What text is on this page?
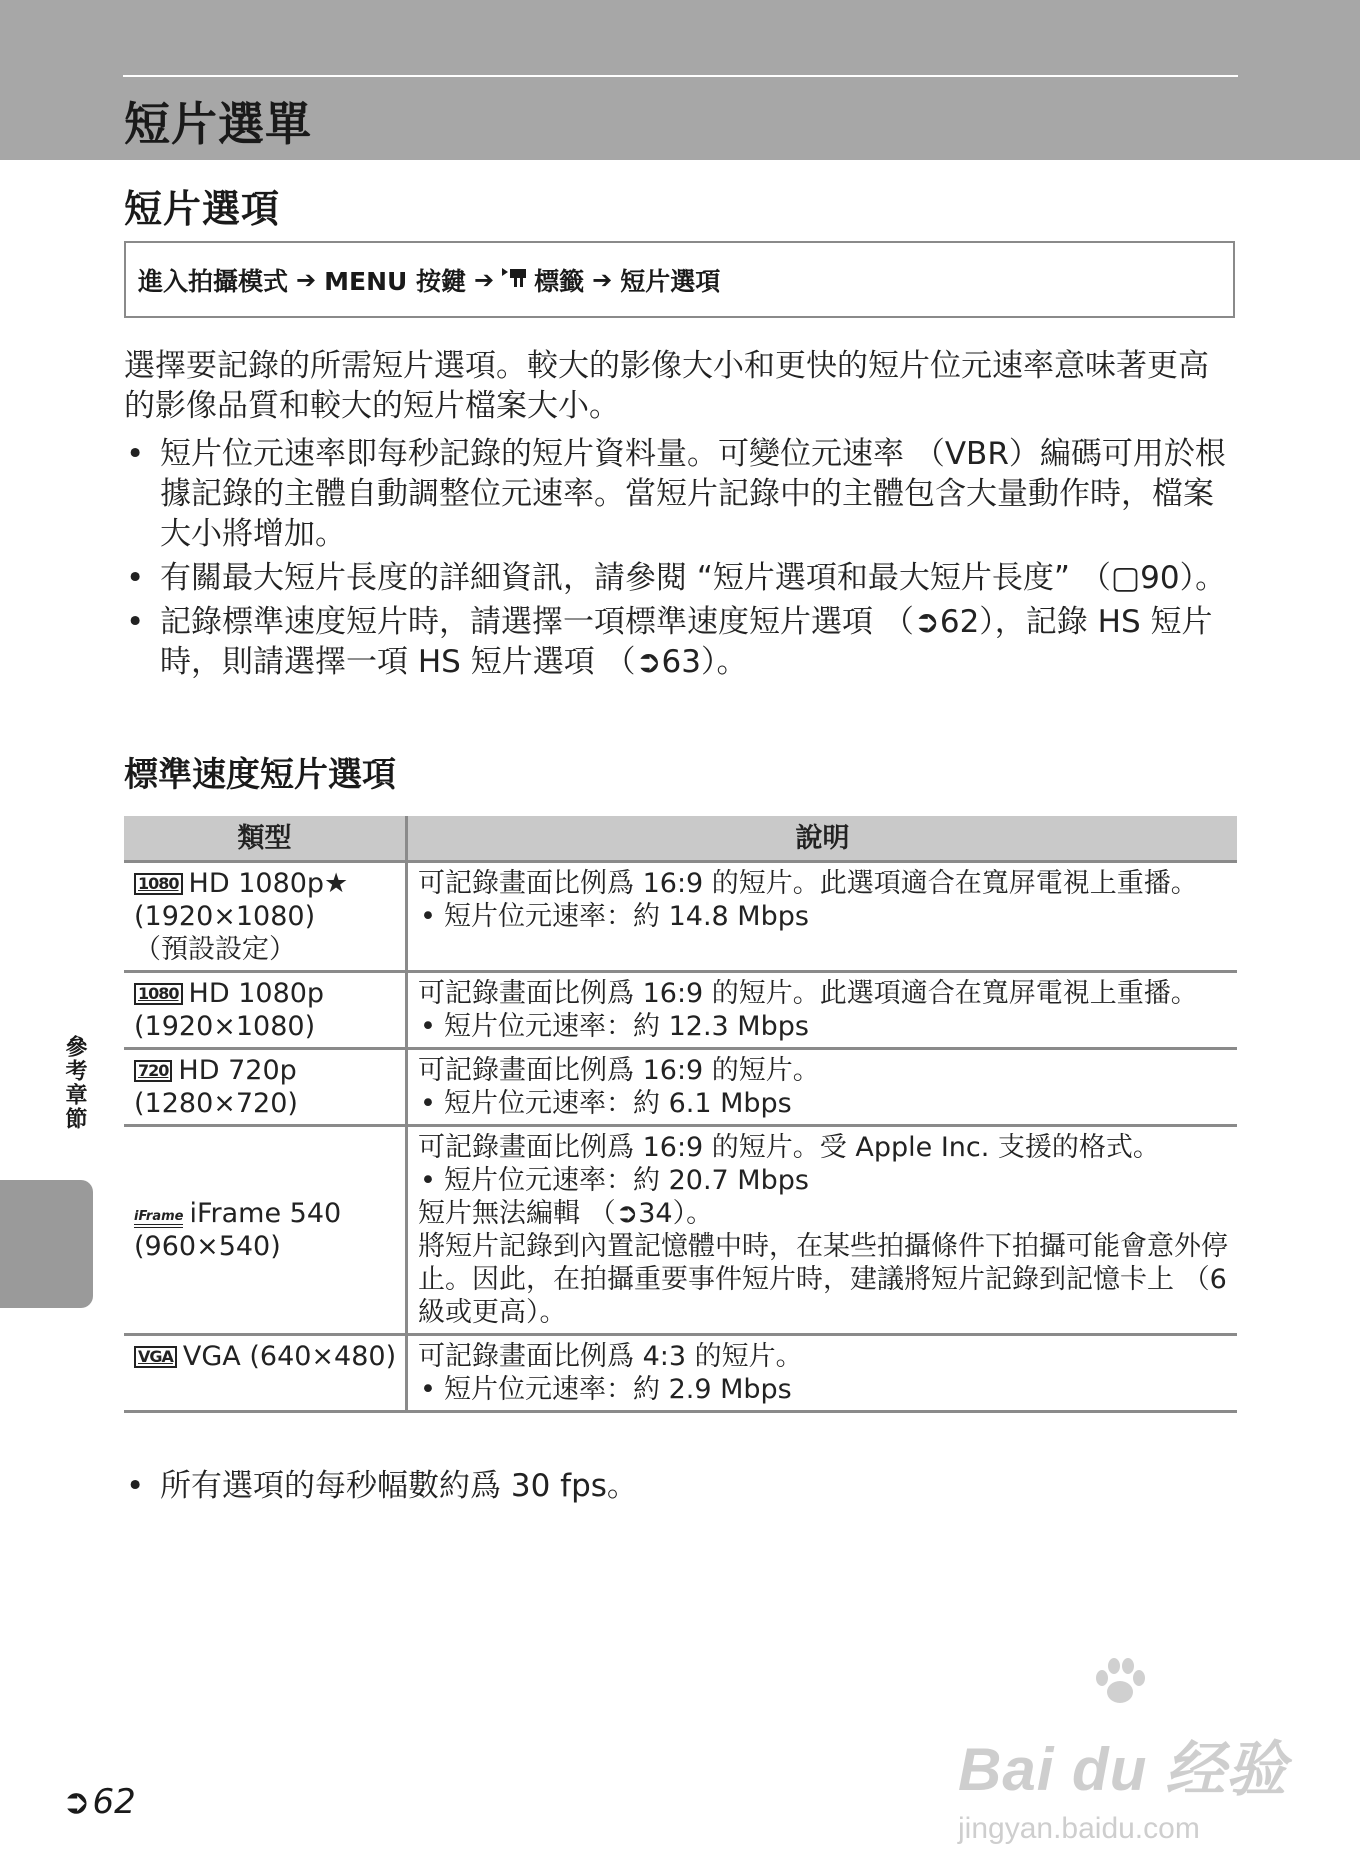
短片選單
短片選項
進入拍攝模式 ➔ MENU 按鍵 ➔ 標籤 ➔ 短片選項
選擇要記錄的所需短片選項。較大的影像大小和更快的短片位元速率意味著更高的影像品質和較大的短片檔案大小。
• 短片位元速率即每秒記錄的短片資料量。可變位元速率 （VBR）編碼可用於根據記錄的主體自動調整位元速率。當短片記錄中的主體包含大量動作時，檔案大小將增加。
• 有關最大短片長度的詳細資訊，請參閱 “短片選項和最大短片長度” （▢90）。
• 記錄標準速度短片時，請選擇一項標準速度短片選項 （➲62），記錄 HS 短片時，則請選擇一項 HS 短片選項 （➲63）。
標準速度短片選項
類型	說明
1080 HD 1080p★
(1920×1080)
（預設設定）	可記錄畫面比例爲 16:9 的短片。此選項適合在寬屏電視上重播。
• 短片位元速率：約 14.8 Mbps

1080 HD 1080p
(1920×1080)	可記錄畫面比例爲 16:9 的短片。此選項適合在寬屏電視上重播。
• 短片位元速率：約 12.3 Mbps

720 HD 720p
(1280×720)	可記錄畫面比例爲 16:9 的短片。
• 短片位元速率：約 6.1 Mbps

iFrame iFrame 540
(960×540)	可記錄畫面比例爲 16:9 的短片。受 Apple Inc. 支援的格式。
• 短片位元速率：約 20.7 Mbps
短片無法編輯 （➲34）。
將短片記錄到內置記憶體中時，在某些拍攝條件下拍攝可能會意外停止。因此，在拍攝重要事件短片時，建議將短片記錄到記憶卡上 （6 級或更高）。
VGA VGA (640×480)	可記錄畫面比例爲 4:3 的短片。
• 短片位元速率：約 2.9 Mbps
• 所有選項的每秒幅數約爲 30 fps。
參考章節
➲62	Bai du 经验
jingyan.baidu.com
